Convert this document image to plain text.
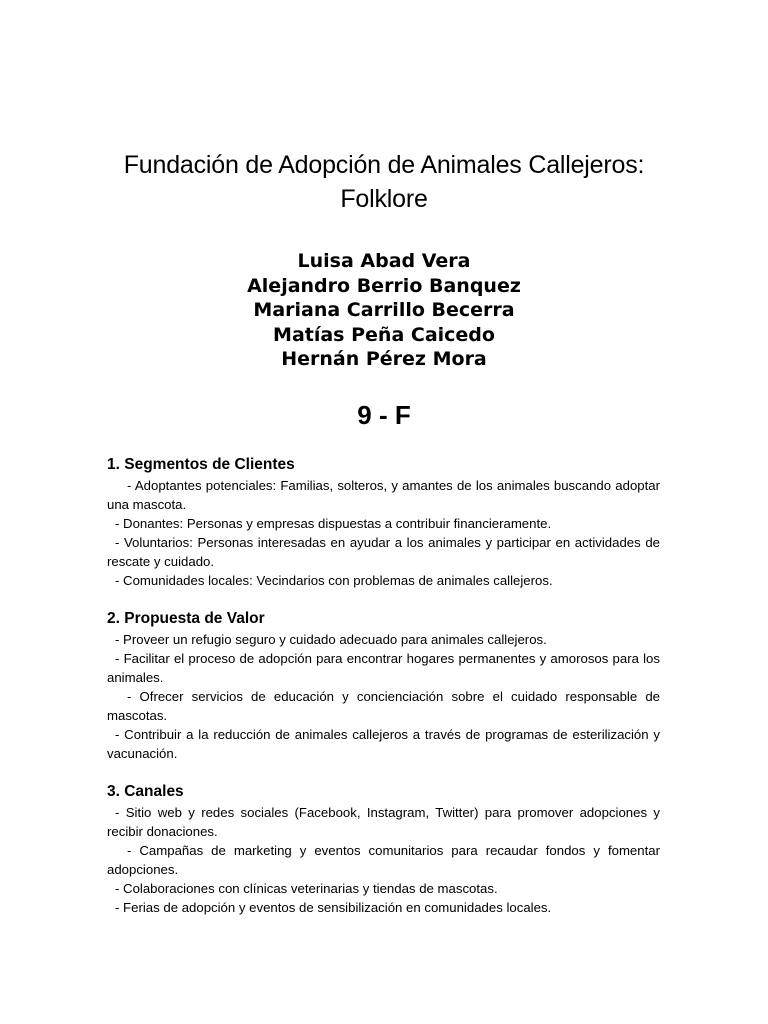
Fundación de Adopción de Animales Callejeros:
Folklore
Luisa Abad Vera
Alejandro Berrio Banquez
Mariana Carrillo Becerra
Matías Peña Caicedo
Hernán Pérez Mora
9 - F
1. Segmentos de Clientes

- Adoptantes potenciales: Familias, solteros, y amantes de los animales buscando adoptar una mascota.

- Donantes: Personas y empresas dispuestas a contribuir financieramente.

- Voluntarios: Personas interesadas en ayudar a los animales y participar en actividades de rescate y cuidado.

- Comunidades locales: Vecindarios con problemas de animales callejeros.

2. Propuesta de Valor

- Proveer un refugio seguro y cuidado adecuado para animales callejeros.

- Facilitar el proceso de adopción para encontrar hogares permanentes y amorosos para los animales.

- Ofrecer servicios de educación y concienciación sobre el cuidado responsable de mascotas.

- Contribuir a la reducción de animales callejeros a través de programas de esterilización y vacunación.

3. Canales

- Sitio web y redes sociales (Facebook, Instagram, Twitter) para promover adopciones y recibir donaciones.

- Campañas de marketing y eventos comunitarios para recaudar fondos y fomentar adopciones.

- Colaboraciones con clínicas veterinarias y tiendas de mascotas.

- Ferias de adopción y eventos de sensibilización en comunidades locales.
